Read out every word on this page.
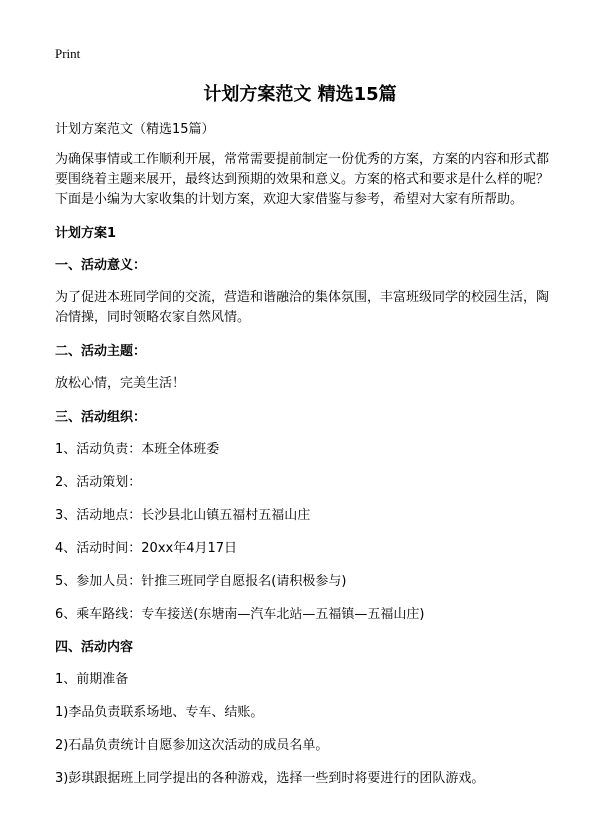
Print
计划方案范文 精选15篇

计划方案范文（精选15篇）

为确保事情或工作顺利开展，常常需要提前制定一份优秀的方案，方案的内容和形式都要围绕着主题来展开，最终达到预期的效果和意义。方案的格式和要求是什么样的呢？下面是小编为大家收集的计划方案，欢迎大家借鉴与参考，希望对大家有所帮助。

计划方案1

一、活动意义：

为了促进本班同学间的交流，营造和谐融洽的集体氛围，丰富班级同学的校园生活，陶冶情操，同时领略农家自然风情。

二、活动主题：

放松心情，完美生活！

三、活动组织：

1、活动负责：本班全体班委

2、活动策划：

3、活动地点：长沙县北山镇五福村五福山庄

4、活动时间：20xx年4月17日

5、参加人员：针推三班同学自愿报名(请积极参与)

6、乘车路线：专车接送(东塘南—汽车北站—五福镇—五福山庄)

四、活动内容

1、前期准备

1)李品负责联系场地、专车、结账。

2)石晶负责统计自愿参加这次活动的成员名单。

3)彭琪跟据班上同学提出的各种游戏，选择一些到时将要进行的团队游戏。
